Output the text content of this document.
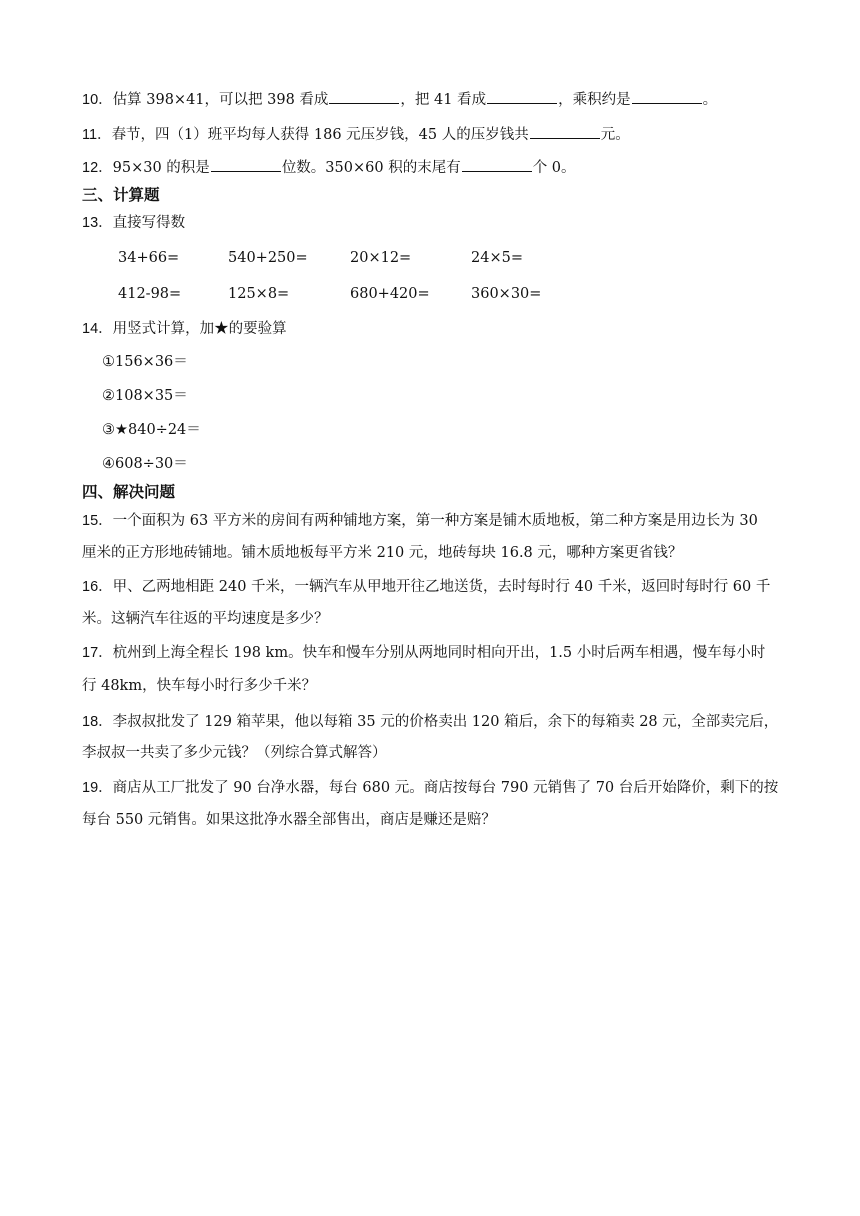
10．估算 398×41，可以把 398 看成	，把 41 看成	，乘积约是	。
11．春节，四（1）班平均每人获得 186 元压岁钱，45 人的压岁钱共	元。
12．95×30 的积是	位数。350×60 积的末尾有	个 0。
三、计算题
13．直接写得数
34+66=	540+250=	20×12=	24×5=
412-98=	125×8=	680+420=	360×30=
14．用竖式计算，加★的要验算
①156×36＝
②108×35＝
③★840÷24＝
④608÷30＝
四、解决问题
15．一个面积为 63 平方米的房间有两种铺地方案，第一种方案是铺木质地板，第二种方案是用边长为 30
厘米的正方形地砖铺地。铺木质地板每平方米 210 元，地砖每块 16.8 元，哪种方案更省钱？
16．甲、乙两地相距 240 千米，一辆汽车从甲地开往乙地送货，去时每时行 40 千米，返回时每时行 60 千
米。这辆汽车往返的平均速度是多少？
17．杭州到上海全程长 198 km。快车和慢车分别从两地同时相向开出，1.5 小时后两车相遇，慢车每小时
行 48km，快车每小时行多少千米？
18．李叔叔批发了 129 箱苹果，他以每箱 35 元的价格卖出 120 箱后，余下的每箱卖 28 元，全部卖完后，
李叔叔一共卖了多少元钱？（列综合算式解答）
19．商店从工厂批发了 90 台净水器，每台 680 元。商店按每台 790 元销售了 70 台后开始降价，剩下的按
每台 550 元销售。如果这批净水器全部售出，商店是赚还是赔？
